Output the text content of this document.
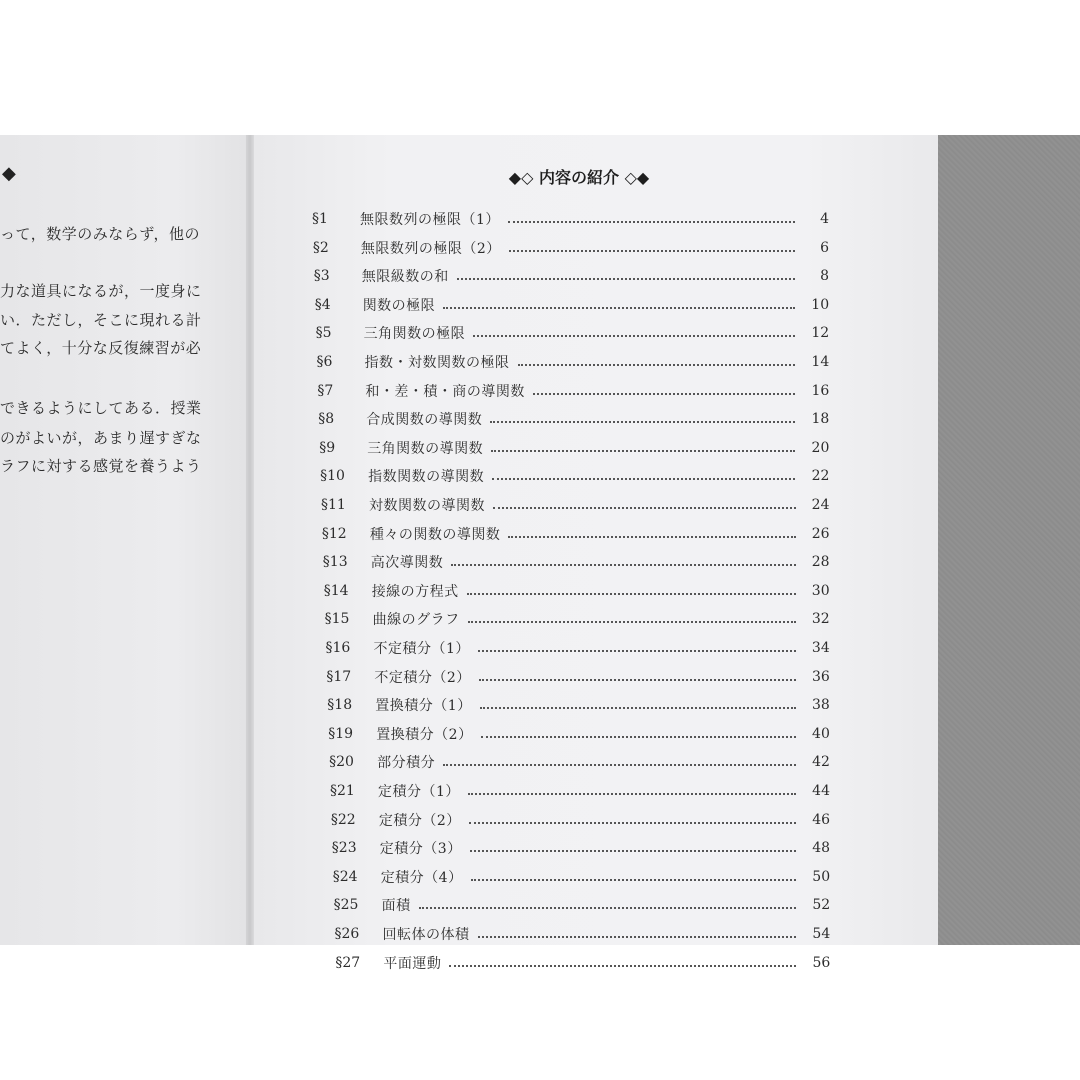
◆
って，数学のみならず，他の
力な道具になるが，一度身に
い．ただし，そこに現れる計
てよく，十分な反復練習が必
できるようにしてある．授業
のがよいが，あまり遅すぎな
ラフに対する感覚を養うよう
◆◇ 内容の紹介 ◇◆
§1	無限数列の極限（1）	4
§2	無限数列の極限（2）	6
§3	無限級数の和	8
§4	関数の極限	10
§5	三角関数の極限	12
§6	指数・対数関数の極限	14
§7	和・差・積・商の導関数	16
§8	合成関数の導関数	18
§9	三角関数の導関数	20
§10	指数関数の導関数	22
§11	対数関数の導関数	24
§12	種々の関数の導関数	26
§13	高次導関数	28
§14	接線の方程式	30
§15	曲線のグラフ	32
§16	不定積分（1）	34
§17	不定積分（2）	36
§18	置換積分（1）	38
§19	置換積分（2）	40
§20	部分積分	42
§21	定積分（1）	44
§22	定積分（2）	46
§23	定積分（3）	48
§24	定積分（4）	50
§25	面積	52
§26	回転体の体積	54
§27	平面運動	56
